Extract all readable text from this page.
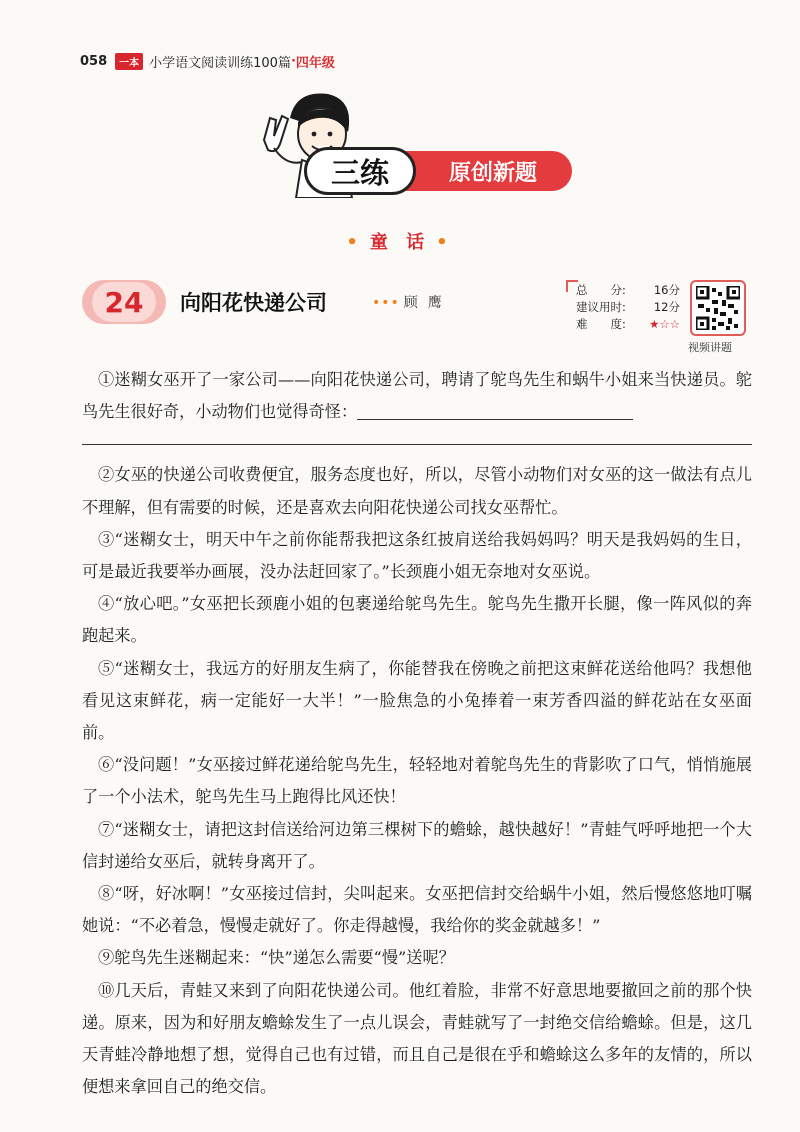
058	一本 小学语文阅读训练100篇 · 四年级
原创新题
三练
• 童 话 •
24	向阳花快递公司	••• 顾鹰
总　　分: 16分
建议用时: 12分
难　　度: ★☆☆
视频讲题

①迷糊女巫开了一家公司——向阳花快递公司，聘请了鸵鸟先生和蜗牛小姐来当快递员。鸵鸟先生很好奇，小动物们也觉得奇怪：

②女巫的快递公司收费便宜，服务态度也好，所以，尽管小动物们对女巫的这一做法有点儿不理解，但有需要的时候，还是喜欢去向阳花快递公司找女巫帮忙。

③“迷糊女士，明天中午之前你能帮我把这条红披肩送给我妈妈吗？明天是我妈妈的生日，可是最近我要举办画展，没办法赶回家了。”长颈鹿小姐无奈地对女巫说。

④“放心吧。”女巫把长颈鹿小姐的包裹递给鸵鸟先生。鸵鸟先生撒开长腿，像一阵风似的奔跑起来。

⑤“迷糊女士，我远方的好朋友生病了，你能替我在傍晚之前把这束鲜花送给他吗？我想他看见这束鲜花，病一定能好一大半！”一脸焦急的小兔捧着一束芳香四溢的鲜花站在女巫面前。

⑥“没问题！”女巫接过鲜花递给鸵鸟先生，轻轻地对着鸵鸟先生的背影吹了口气，悄悄施展了一个小法术，鸵鸟先生马上跑得比风还快！

⑦“迷糊女士，请把这封信送给河边第三棵树下的蟾蜍，越快越好！”青蛙气呼呼地把一个大信封递给女巫后，就转身离开了。

⑧“呀，好冰啊！”女巫接过信封，尖叫起来。女巫把信封交给蜗牛小姐，然后慢悠悠地叮嘱她说：“不必着急，慢慢走就好了。你走得越慢，我给你的奖金就越多！”

⑨鸵鸟先生迷糊起来：“快”递怎么需要“慢”送呢？

⑩几天后，青蛙又来到了向阳花快递公司。他红着脸，非常不好意思地要撤回之前的那个快递。原来，因为和好朋友蟾蜍发生了一点儿误会，青蛙就写了一封绝交信给蟾蜍。但是，这几天青蛙冷静地想了想，觉得自己也有过错，而且自己是很在乎和蟾蜍这么多年的友情的，所以便想来拿回自己的绝交信。
